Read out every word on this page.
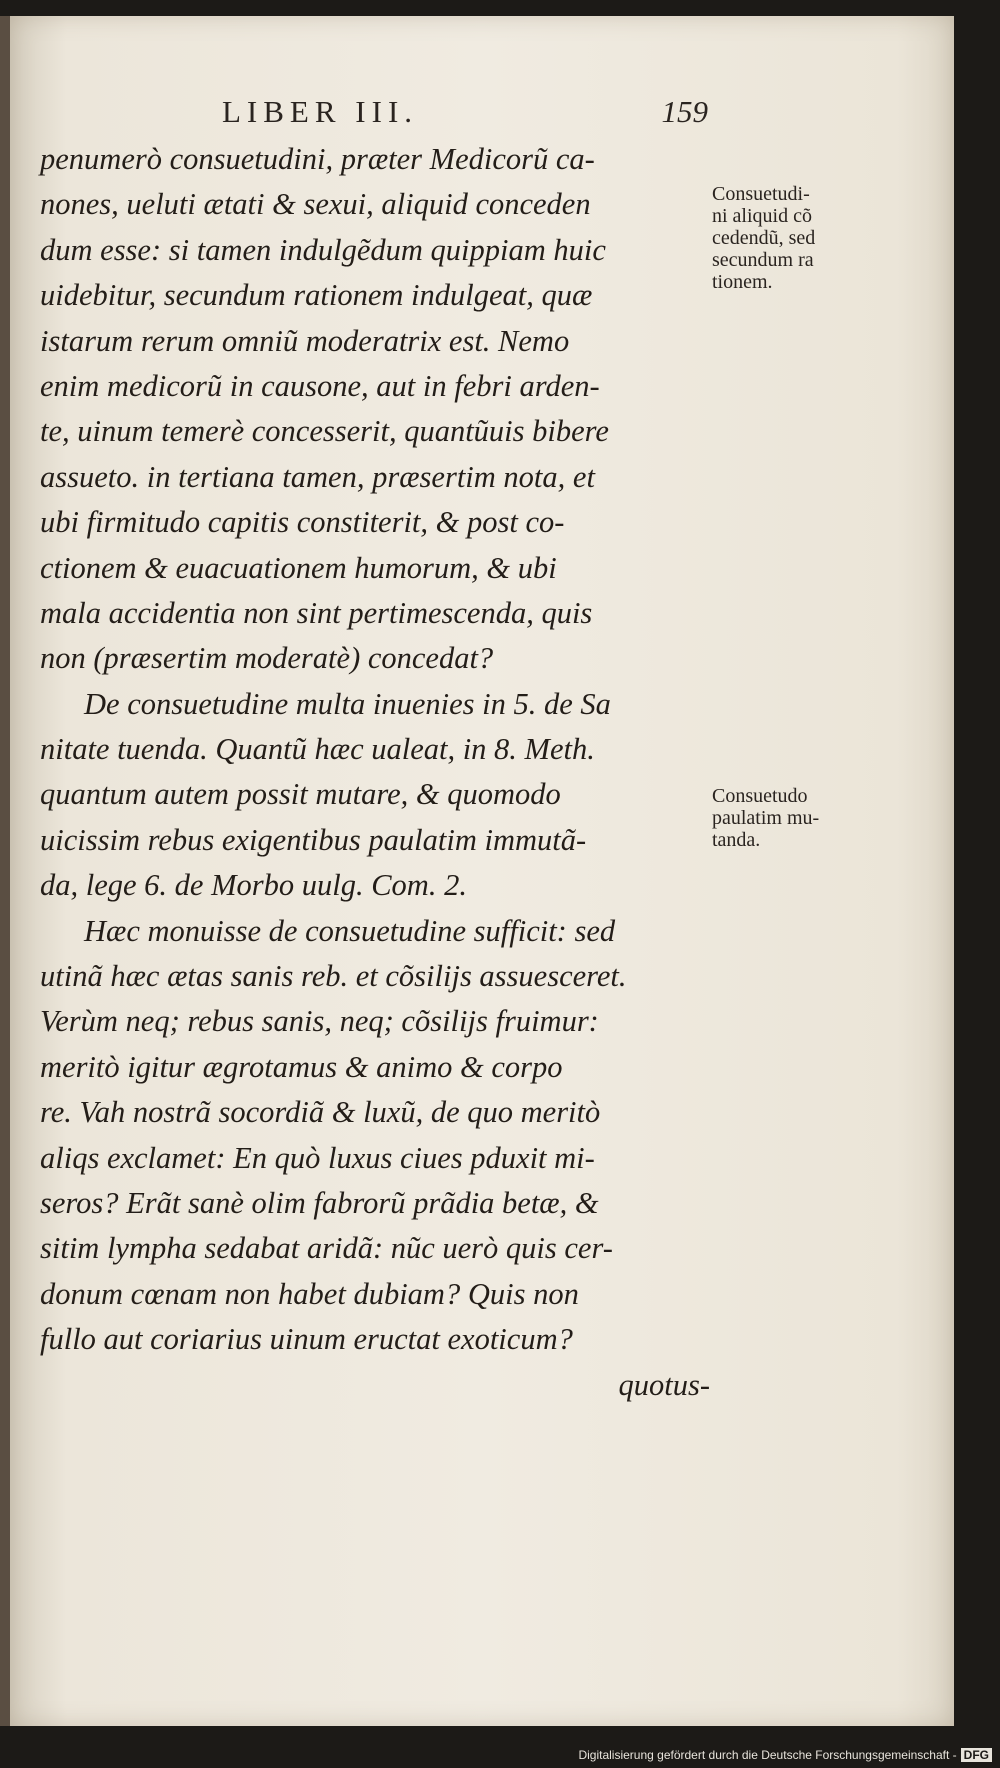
LIBER III.	159
penumerò consuetudini, præter Medicorũ ca-
nones, ueluti ætati & sexui, aliquid conceden
dum esse: si tamen indulgẽdum quippiam huic
uidebitur, secundum rationem indulgeat, quæ
istarum rerum omniũ moderatrix est. Nemo
enim medicorũ in causone, aut in febri arden-
te, uinum temerè concesserit, quantũuis bibere
assueto. in tertiana tamen, præsertim nota, et
ubi firmitudo capitis constiterit, & post co-
ctionem & euacuationem humorum, & ubi
mala accidentia non sint pertimescenda, quis
non (præsertim moderatè) concedat?
De consuetudine multa inuenies in 5. de Sa
nitate tuenda. Quantũ hæc ualeat, in 8. Meth.
quantum autem possit mutare, & quomodo
uicissim rebus exigentibus paulatim immutã-
da, lege 6. de Morbo uulg. Com. 2.
Hæc monuisse de consuetudine sufficit: sed
utinã hæc ætas sanis reb. et cõsilijs assuesceret.
Verùm neq; rebus sanis, neq; cõsilijs fruimur:
meritò igitur ægrotamus & animo & corpo
re. Vah nostrã socordiã & luxũ, de quo meritò
aliqs exclamet: En quò luxus ciues pduxit mi-
seros? Erãt sanè olim fabrorũ prãdia betæ, &
sitim lympha sedabat aridã: nũc uerò quis cer-
donum cœnam non habet dubiam? Quis non
fullo aut coriarius uinum eructat exoticum?
quotus-
Consuetudi-
ni aliquid cõ
cedendũ, sed
secundum ra
tionem.
Consuetudo
paulatim mu-
tanda.
Digitalisierung gefördert durch die Deutsche Forschungsgemeinschaft - DFG
